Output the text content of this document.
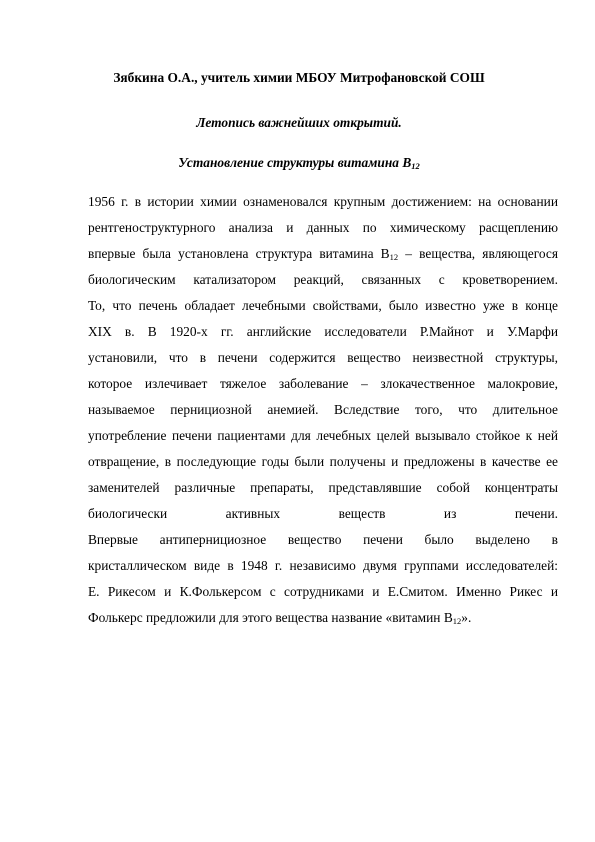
Зябкина О.А., учитель химии МБОУ Митрофановской СОШ
Летопись важнейших открытий.
Установление структуры витамина $В_{12}$
1956 г. в истории химии ознаменовался крупным достижением: на основании
рентгеноструктурного анализа и данных по химическому расщеплению
впервые была установлена структура витамина $В_{12}$ – вещества, являющегося
биологическим катализатором реакций, связанных с кроветворением.
То, что печень обладает лечебными свойствами, было известно уже в конце
XIX в. В 1920-х гг. английские исследователи Р.Майнот и У.Марфи
установили, что в печени содержится вещество неизвестной структуры,
которое излечивает тяжелое заболевание – злокачественное малокровие,
называемое пернициозной анемией. Вследствие того, что длительное
употребление печени пациентами для лечебных целей вызывало стойкое к ней
отвращение, в последующие годы были получены и предложены в качестве ее
заменителей различные препараты, представлявшие собой концентраты
биологически активных веществ из печени.
Впервые антипернициозное вещество печени было выделено в
кристаллическом виде в 1948 г. независимо двумя группами исследователей:
Е. Рикесом и К.Фолькерсом с сотрудниками и Е.Смитом. Именно Рикес и
Фолькерс предложили для этого вещества название «витамин $В_{12}$».
